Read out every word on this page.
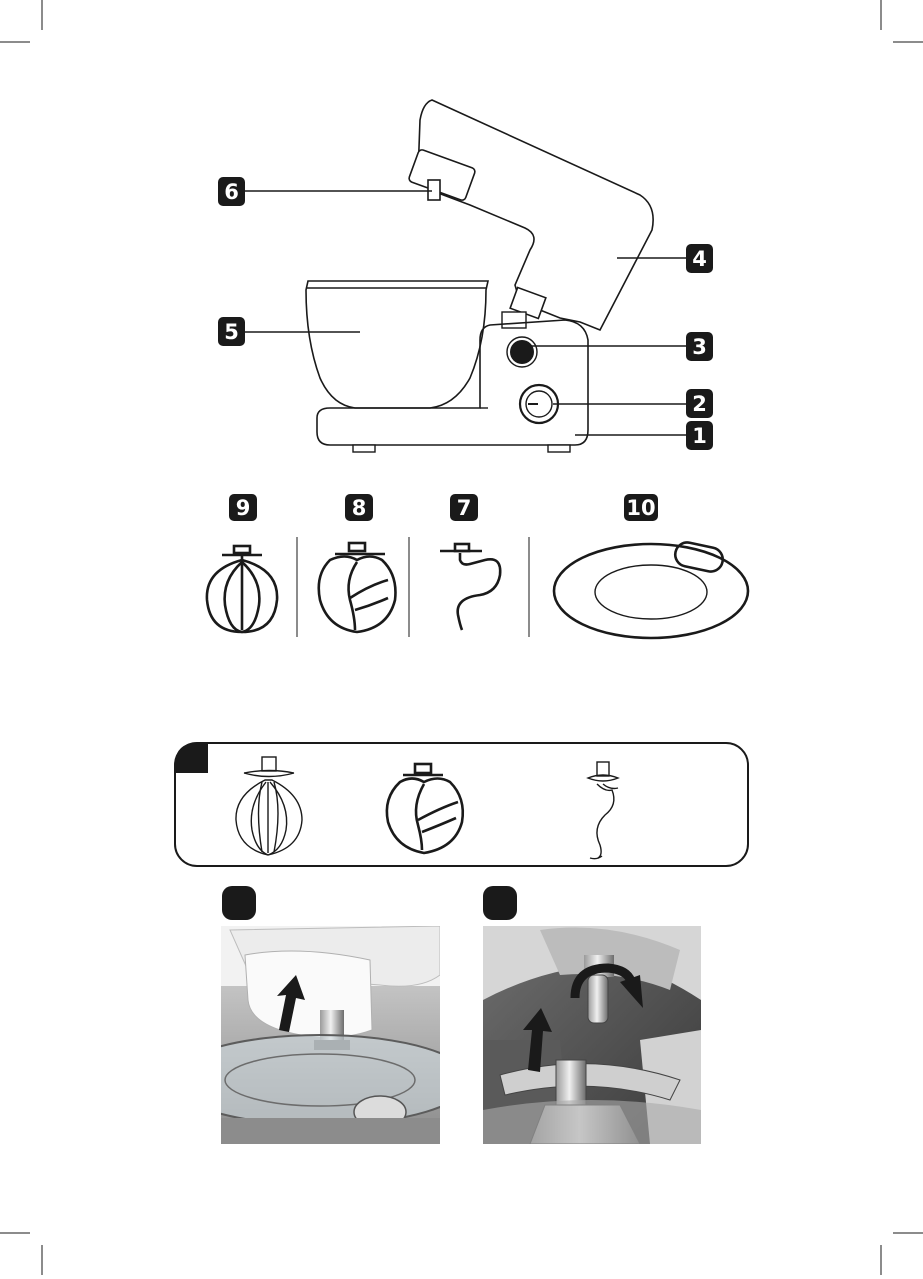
6
4
5
3
2
1
9	8	7	10
